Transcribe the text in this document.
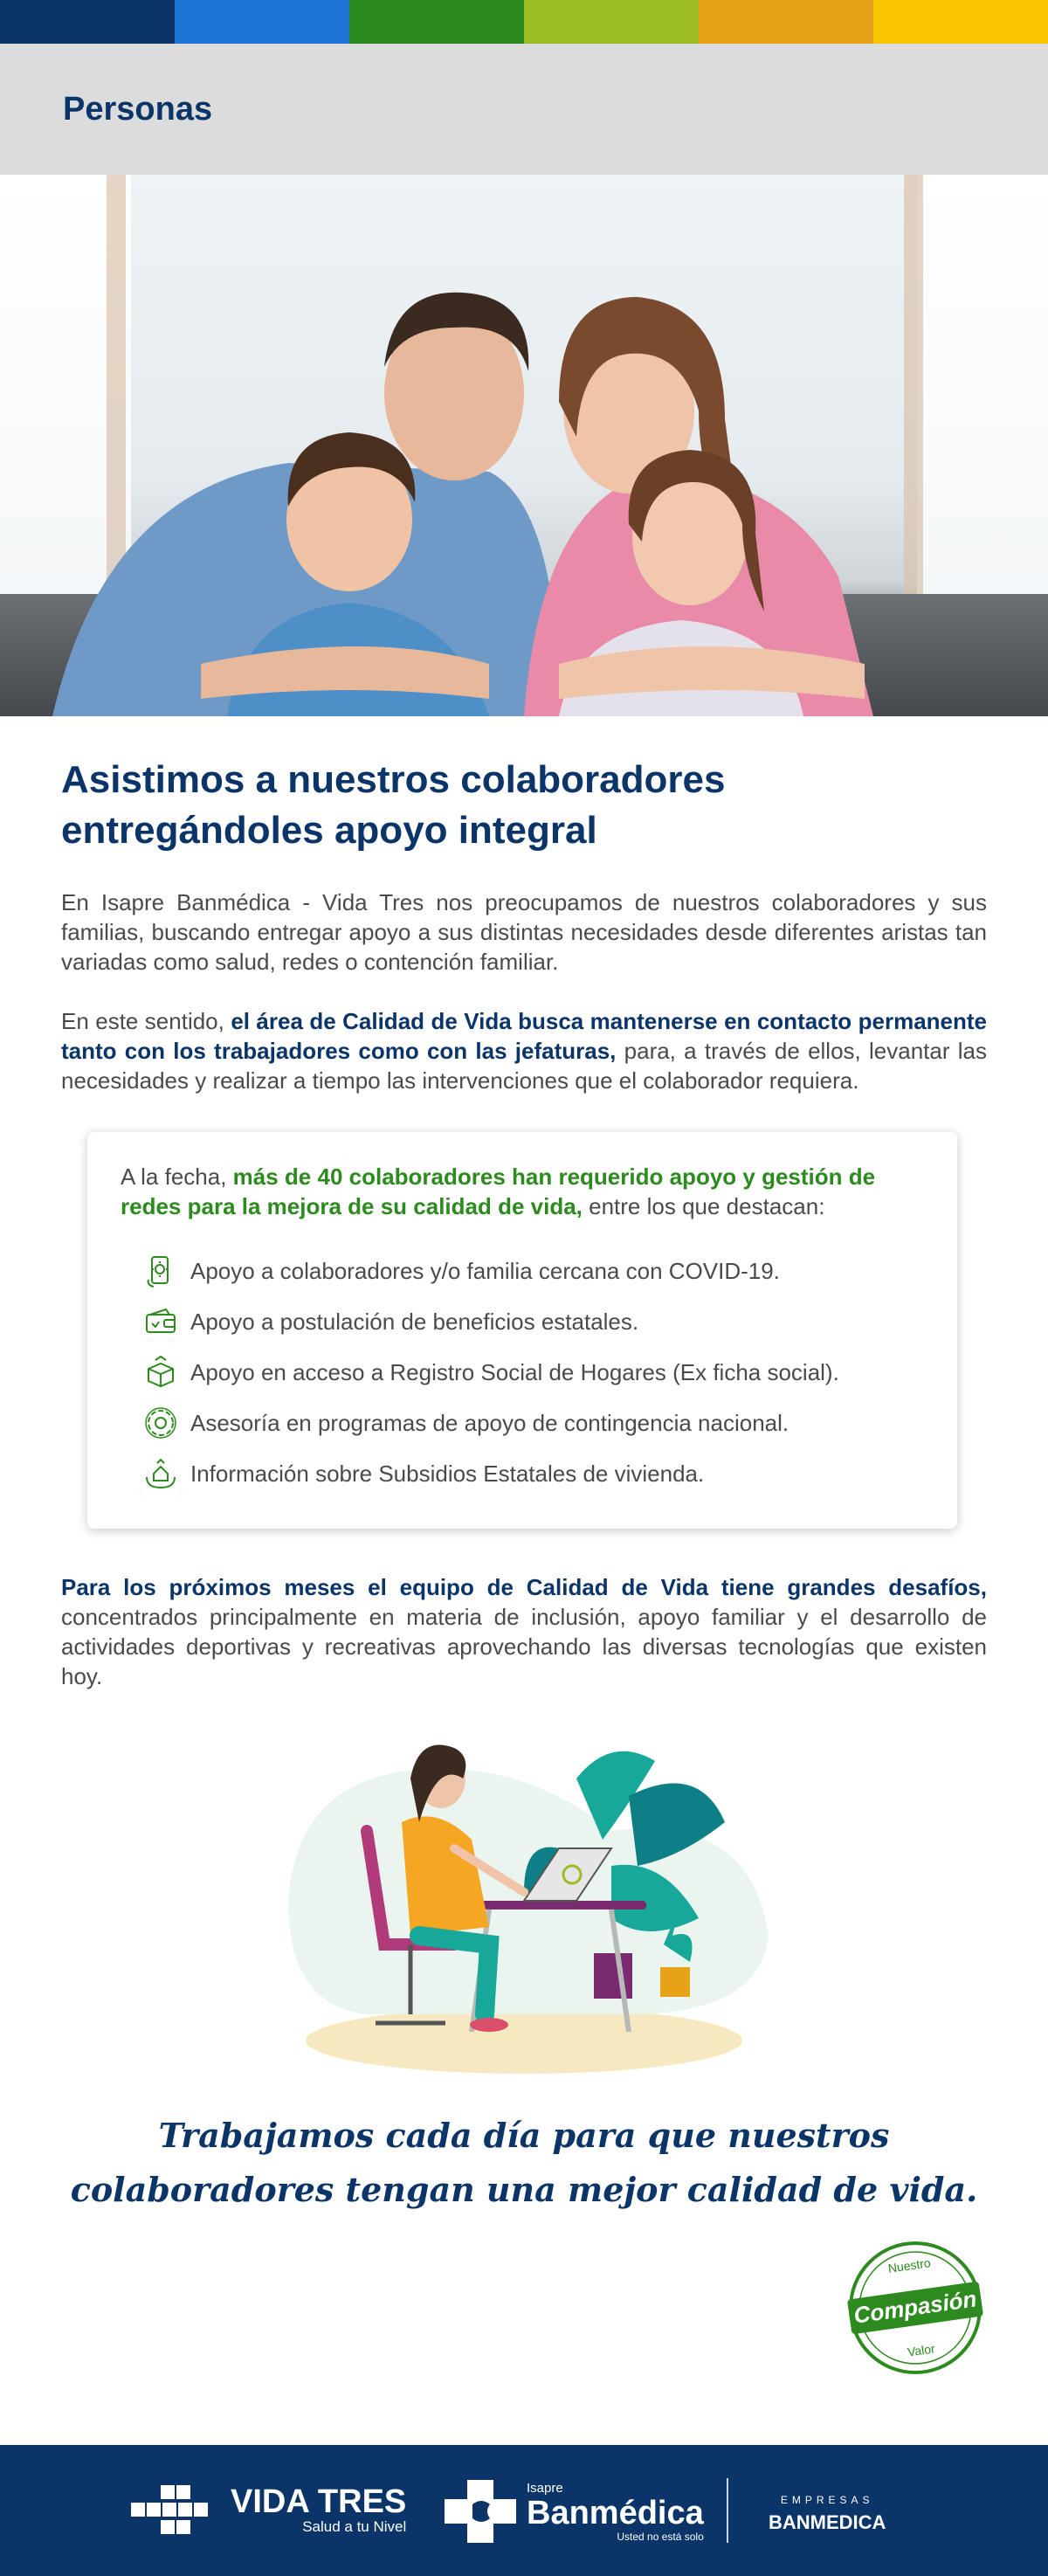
Personas
Asistimos a nuestros colaboradores
entregándoles apoyo integral

En Isapre Banmédica - Vida Tres nos preocupamos de nuestros colaboradores y sus familias, buscando entregar apoyo a sus distintas necesidades desde diferentes aristas tan variadas como salud, redes o contención familiar.

En este sentido, el área de Calidad de Vida busca mantenerse en contacto permanente tanto con los trabajadores como con las jefaturas, para, a través de ellos, levantar las necesidades y realizar a tiempo las intervenciones que el colaborador requiera.

A la fecha, más de 40 colaboradores han requerido apoyo y gestión de redes para la mejora de su calidad de vida, entre los que destacan:

Apoyo a colaboradores y/o familia cercana con COVID-19.
Apoyo a postulación de beneficios estatales.
Apoyo en acceso a Registro Social de Hogares (Ex ficha social).
Asesoría en programas de apoyo de contingencia nacional.
Información sobre Subsidios Estatales de vivienda.

Para los próximos meses el equipo de Calidad de Vida tiene grandes desafíos, concentrados principalmente en materia de inclusión, apoyo familiar y el desarrollo de actividades deportivas y recreativas aprovechando las diversas tecnologías que existen hoy.

Trabajamos cada día para que nuestros
colaboradores tengan una mejor calidad de vida.
Compasión
Nuestro
Valor
VIDA TRES
Salud a tu Nivel
Isapre
Banmédica
Usted no está solo
EMPRESAS
BANMEDICA
